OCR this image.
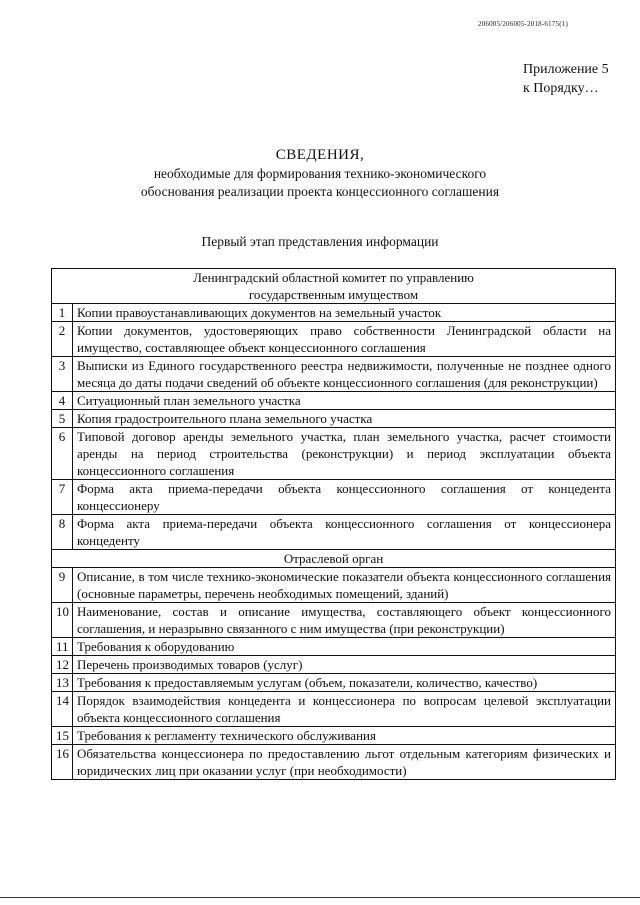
206005/206005-2018-6175(1)
Приложение 5
к Порядку…
СВЕДЕНИЯ,
необходимые для формирования технико-экономического
обоснования реализации проекта концессионного соглашения
Первый этап представления информации
Ленинградский областной комитет по управлению
государственным имуществом	

1	Копии правоустанавливающих документов на земельный участок
2	Копии документов, удостоверяющих право собственности Ленинградской области на имущество, составляющее объект концессионного соглашения
3	Выписки из Единого государственного реестра недвижимости, полученные не позднее одного месяца до даты подачи сведений об объекте концессионного соглашения (для реконструкции)
4	Ситуационный план земельного участка
5	Копия градостроительного плана земельного участка
6	Типовой договор аренды земельного участка, план земельного участка, расчет стоимости аренды на период строительства (реконструкции) и период эксплуатации объекта концессионного соглашения
7	Форма акта приема-передачи объекта концессионного соглашения от концедента концессионеру
8	Форма акта приема-передачи объекта концессионного соглашения от концессионера концеденту

Отраслевой орган	

9	Описание, в том числе технико-экономические показатели объекта концессионного соглашения (основные параметры, перечень необходимых помещений, зданий)
10	Наименование, состав и описание имущества, составляющего объект концессионного соглашения, и неразрывно связанного с ним имущества (при реконструкции)
11	Требования к оборудованию
12	Перечень производимых товаров (услуг)
13	Требования к предоставляемым услугам (объем, показатели, количество, качество)
14	Порядок взаимодействия концедента и концессионера по вопросам целевой эксплуатации объекта концессионного соглашения
15	Требования к регламенту технического обслуживания
16	Обязательства концессионера по предоставлению льгот отдельным категориям физических и юридических лиц при оказании услуг (при необходимости)
